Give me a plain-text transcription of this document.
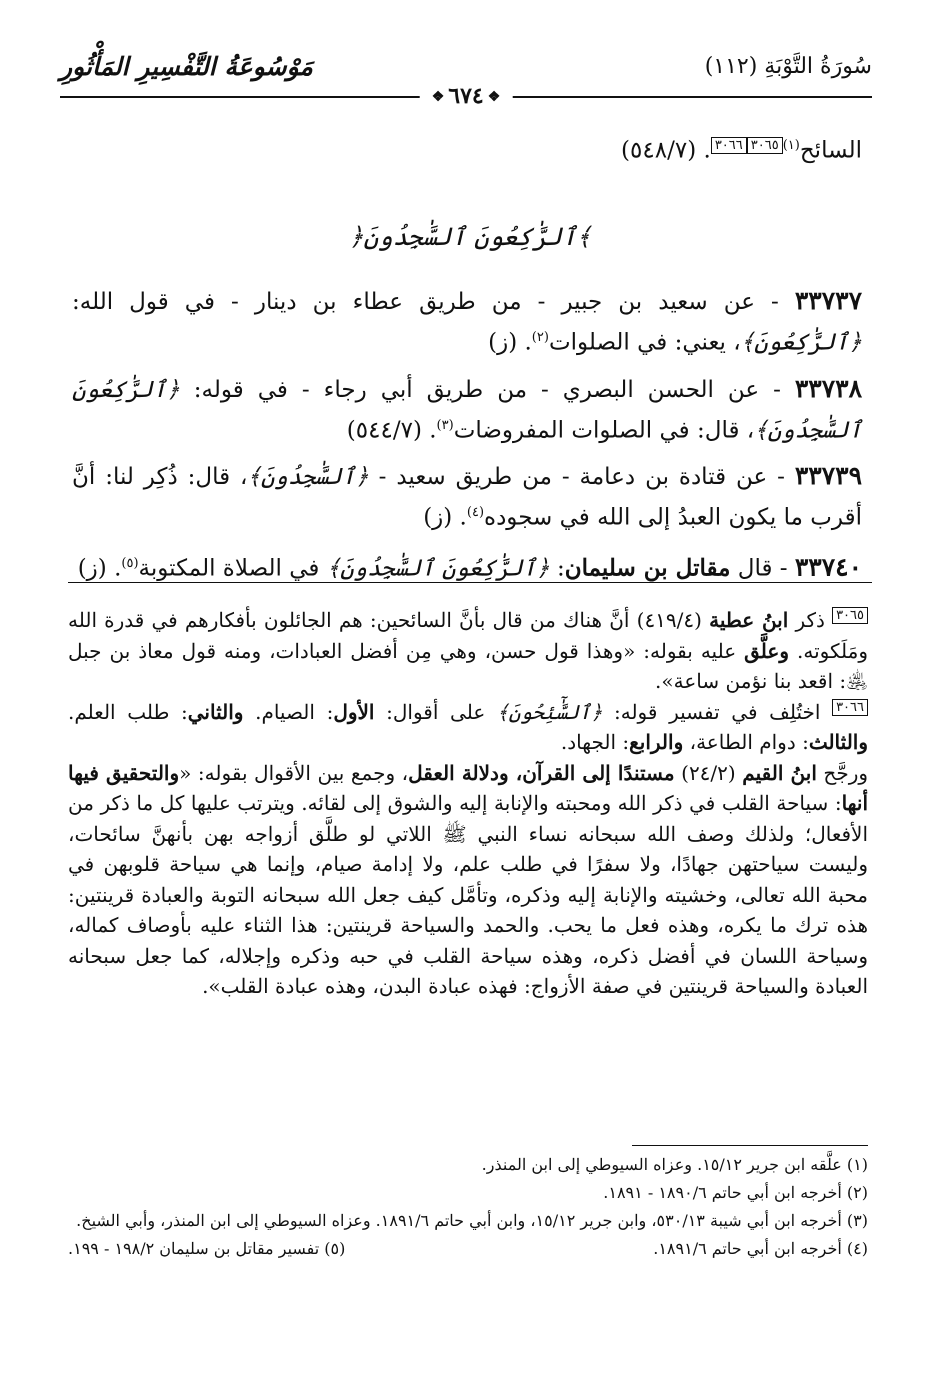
مَوْسُوعَةُ التَّفْسِيرِ المَأْثُورِ	سُورَةُ التَّوْبَةِ (١١٢)
❖ ٦٧٤ ❖
السائح$^{(١)}$٣٠٦٥٣٠٦٦. (٥٤٨/٧)
﴿ٱلرَّٰكِعُونَ ٱلسَّٰجِدُونَ﴾
٣٣٧٣٧ - عن سعيد بن جبير - من طريق عطاء بن دينار - في قول الله: ﴿ٱلرَّٰكِعُونَ﴾، يعني: في الصلوات$^{(٢)}$. (ز)
٣٣٧٣٨ - عن الحسن البصري - من طريق أبي رجاء - في قوله: ﴿ٱلرَّٰكِعُونَ ٱلسَّٰجِدُونَ﴾، قال: في الصلوات المفروضات$^{(٣)}$. (٥٤٤/٧)
٣٣٧٣٩ - عن قتادة بن دعامة - من طريق سعيد - ﴿ٱلسَّٰجِدُونَ﴾، قال: ذُكِر لنا: أنَّ أقرب ما يكون العبدُ إلى الله في سجوده$^{(٤)}$. (ز)
٣٣٧٤٠ - قال مقاتل بن سليمان: ﴿ٱلرَّٰكِعُونَ ٱلسَّٰجِدُونَ﴾ في الصلاة المكتوبة$^{(٥)}$. (ز)

٣٠٦٥ ذكر ابنُ عطية (٤١٩/٤) أنَّ هناك من قال بأنَّ السائحين: هم الجائلون بأفكارهم في قدرة الله ومَلَكوته. وعلَّق عليه بقوله: «وهذا قول حسن، وهي مِن أفضل العبادات، ومنه قول معاذ بن جبل ﵁: اقعد بنا نؤمن ساعة».

٣٠٦٦ اختُلِف في تفسير قوله: ﴿ٱلسَّٰٓئِحُونَ﴾ على أقوال: الأول: الصيام. والثاني: طلب العلم. والثالث: دوام الطاعة، والرابع: الجهاد.

ورجَّح ابنُ القيم (٢٤/٢) مستندًا إلى القرآن، ودلالة العقل، وجمع بين الأقوال بقوله: «والتحقيق فيها أنها: سياحة القلب في ذكر الله ومحبته والإنابة إليه والشوق إلى لقائه. ويترتب عليها كل ما ذكر من الأفعال؛ ولذلك وصف الله سبحانه نساء النبي ﷺ اللاتي لو طلَّق أزواجه بهن بأنهنَّ سائحات، وليست سياحتهن جهادًا، ولا سفرًا في طلب علم، ولا إدامة صيام، وإنما هي سياحة قلوبهن في محبة الله تعالى، وخشيته والإنابة إليه وذكره، وتأمَّل كيف جعل الله سبحانه التوبة والعبادة قرينتين: هذه ترك ما يكره، وهذه فعل ما يحب. والحمد والسياحة قرينتين: هذا الثناء عليه بأوصاف كماله، وسياحة اللسان في أفضل ذكره، وهذه سياحة القلب في حبه وذكره وإجلاله، كما جعل سبحانه العبادة والسياحة قرينتين في صفة الأزواج: فهذه عبادة البدن، وهذه عبادة القلب».

(١) علَّقه ابن جرير ١٥/١٢. وعزاه السيوطي إلى ابن المنذر.

(٢) أخرجه ابن أبي حاتم ١٨٩٠/٦ - ١٨٩١.

(٣) أخرجه ابن أبي شيبة ٥٣٠/١٣، وابن جرير ١٥/١٢، وابن أبي حاتم ١٨٩١/٦. وعزاه السيوطي إلى ابن المنذر، وأبي الشيخ.

(٤) أخرجه ابن أبي حاتم ١٨٩١/٦.
(٥) تفسير مقاتل بن سليمان ١٩٨/٢ - ١٩٩.
